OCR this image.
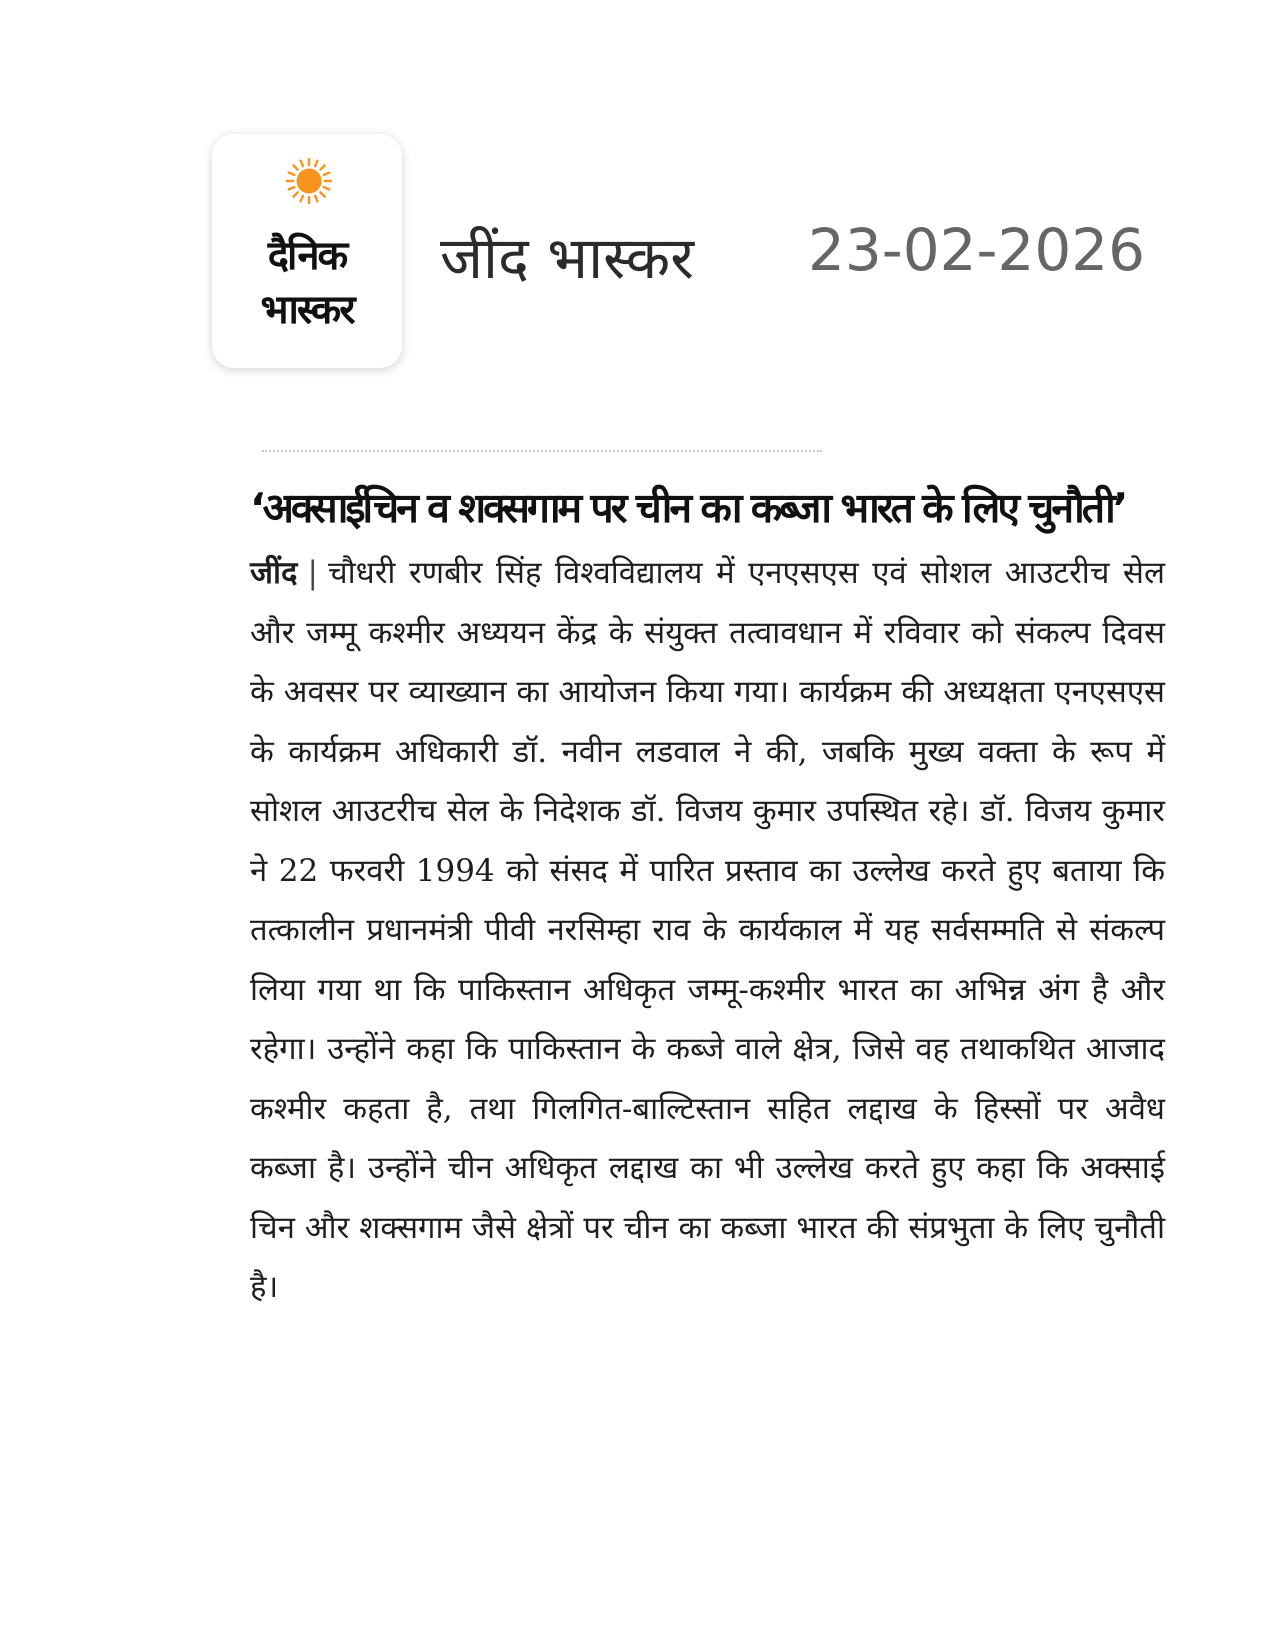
दैनिक
भास्कर
जींद भास्कर 23-02-2026
‘अक्साईचिन व शक्सगाम पर चीन का कब्जा भारत के लिए चुनौती’

जींद | चौधरी रणबीर सिंह विश्वविद्यालय में एनएसएस एवं सोशल आउटरीच सेल और जम्मू कश्मीर अध्ययन केंद्र के संयुक्त तत्वावधान में रविवार को संकल्प दिवस के अवसर पर व्याख्यान का आयोजन किया गया। कार्यक्रम की अध्यक्षता एनएसएस के कार्यक्रम अधिकारी डॉ. नवीन लडवाल ने की, जबकि मुख्य वक्ता के रूप में सोशल आउटरीच सेल के निदेशक डॉ. विजय कुमार उपस्थित रहे। डॉ. विजय कुमार ने 22 फरवरी 1994 को संसद में पारित प्रस्ताव का उल्लेख करते हुए बताया कि तत्कालीन प्रधानमंत्री पीवी नरसिम्हा राव के कार्यकाल में यह सर्वसम्मति से संकल्प लिया गया था कि पाकिस्तान अधिकृत जम्मू-कश्मीर भारत का अभिन्न अंग है और रहेगा। उन्होंने कहा कि पाकिस्तान के कब्जे वाले क्षेत्र, जिसे वह तथाकथित आजाद कश्मीर कहता है, तथा गिलगित-बाल्टिस्तान सहित लद्दाख के हिस्सों पर अवैध कब्जा है। उन्होंने चीन अधिकृत लद्दाख का भी उल्लेख करते हुए कहा कि अक्साई चिन और शक्सगाम जैसे क्षेत्रों पर चीन का कब्जा भारत की संप्रभुता के लिए चुनौती है।
